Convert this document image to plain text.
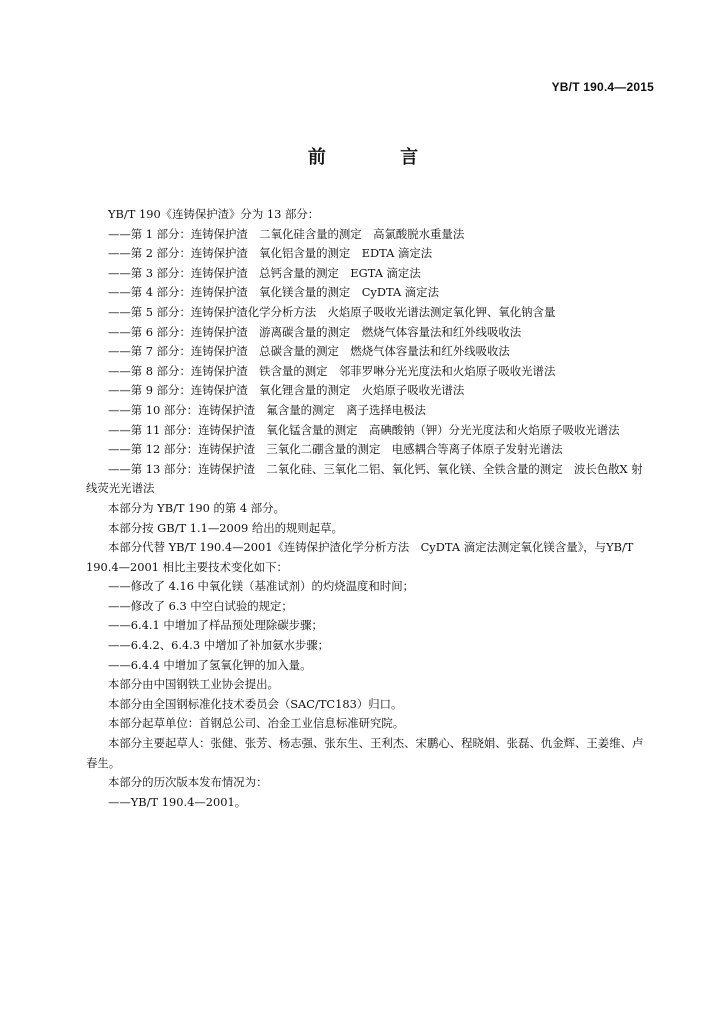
YB/T 190.4—2015
前 言

YB/T 190《连铸保护渣》分为 13 部分：

——第 1 部分：连铸保护渣　二氧化硅含量的测定　高氯酸脱水重量法

——第 2 部分：连铸保护渣　氧化铝含量的测定　EDTA 滴定法

——第 3 部分：连铸保护渣　总钙含量的测定　EGTA 滴定法

——第 4 部分：连铸保护渣　氧化镁含量的测定　CyDTA 滴定法

——第 5 部分：连铸保护渣化学分析方法　火焰原子吸收光谱法测定氧化钾、氧化钠含量

——第 6 部分：连铸保护渣　游离碳含量的测定　燃烧气体容量法和红外线吸收法

——第 7 部分：连铸保护渣　总碳含量的测定　燃烧气体容量法和红外线吸收法

——第 8 部分：连铸保护渣　铁含量的测定　邻菲罗啉分光光度法和火焰原子吸收光谱法

——第 9 部分：连铸保护渣　氧化锂含量的测定　火焰原子吸收光谱法

——第 10 部分：连铸保护渣　氟含量的测定　离子选择电极法

——第 11 部分：连铸保护渣　氧化锰含量的测定　高碘酸钠（钾）分光光度法和火焰原子吸收光谱法

——第 12 部分：连铸保护渣　三氧化二硼含量的测定　电感耦合等离子体原子发射光谱法

——第 13 部分：连铸保护渣　二氧化硅、三氧化二铝、氧化钙、氧化镁、全铁含量的测定　波长色散X 射线荧光光谱法

本部分为 YB/T 190 的第 4 部分。

本部分按 GB/T 1.1—2009 给出的规则起草。

本部分代替 YB/T 190.4—2001《连铸保护渣化学分析方法　CyDTA 滴定法测定氧化镁含量》，与YB/T 190.4—2001 相比主要技术变化如下：

——修改了 4.16 中氧化镁（基准试剂）的灼烧温度和时间；

——修改了 6.3 中空白试验的规定；

——6.4.1 中增加了样品预处理除碳步骤；

——6.4.2、6.4.3 中增加了补加氨水步骤；

——6.4.4 中增加了氢氧化钾的加入量。

本部分由中国钢铁工业协会提出。

本部分由全国钢标准化技术委员会（SAC/TC183）归口。

本部分起草单位：首钢总公司、冶金工业信息标准研究院。

本部分主要起草人：张健、张芳、杨志强、张东生、王利杰、宋鹏心、程晓娟、张磊、仇金辉、王姜维、卢春生。

本部分的历次版本发布情况为：

——YB/T 190.4—2001。
